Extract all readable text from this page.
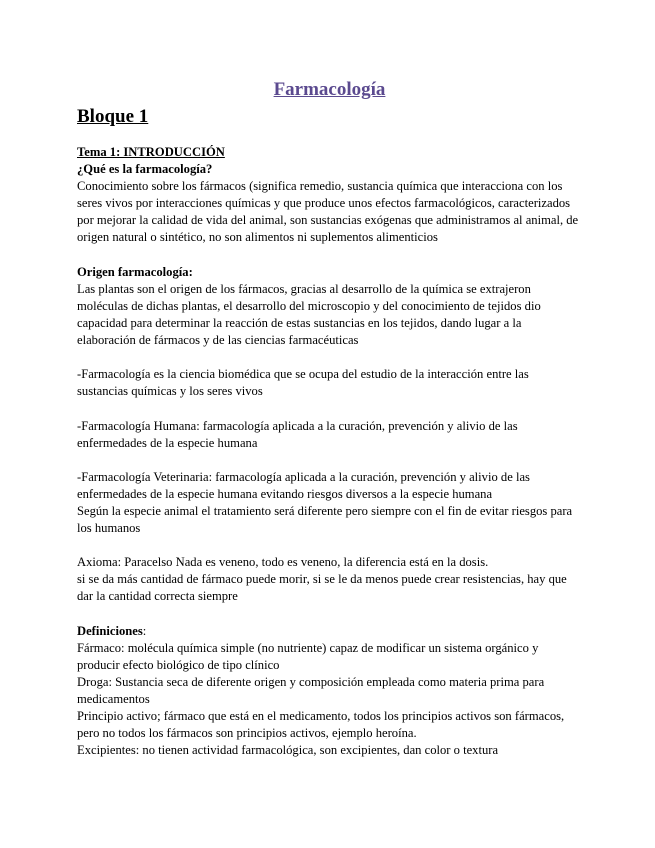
Farmacología
Bloque 1

Tema 1: INTRODUCCIÓN

¿Qué es la farmacología?

Conocimiento sobre los fármacos (significa remedio, sustancia química que interacciona con los seres vivos por interacciones químicas y que produce unos efectos farmacológicos, caracterizados por mejorar la calidad de vida del animal, son sustancias exógenas que administramos al animal, de origen natural o sintético, no son alimentos ni suplementos alimenticios

Origen farmacología:

Las plantas son el origen de los fármacos, gracias al desarrollo de la química se extrajeron moléculas de dichas plantas, el desarrollo del microscopio y del conocimiento de tejidos dio capacidad para determinar la reacción de estas sustancias en los tejidos, dando lugar a la elaboración de fármacos y de las ciencias farmacéuticas

-Farmacología es la ciencia biomédica que se ocupa del estudio de la interacción entre las sustancias químicas y los seres vivos

-Farmacología Humana: farmacología aplicada a la curación, prevención y alivio de las enfermedades de la especie humana

-Farmacología Veterinaria: farmacología aplicada a la curación, prevención y alivio de las enfermedades de la especie humana evitando riesgos diversos a la especie humana

Según la especie animal el tratamiento será diferente pero siempre con el fin de evitar riesgos para los humanos

Axioma: Paracelso Nada es veneno, todo es veneno, la diferencia está en la dosis.

si se da más cantidad de fármaco puede morir, si se le da menos puede crear resistencias, hay que dar la cantidad correcta siempre

Definiciones:

Fármaco: molécula química simple (no nutriente) capaz de modificar un sistema orgánico y producir efecto biológico de tipo clínico

Droga: Sustancia seca de diferente origen y composición empleada como materia prima para medicamentos

Principio activo; fármaco que está en el medicamento, todos los principios activos son fármacos, pero no todos los fármacos son principios activos, ejemplo heroína.

Excipientes: no tienen actividad farmacológica, son excipientes, dan color o textura
